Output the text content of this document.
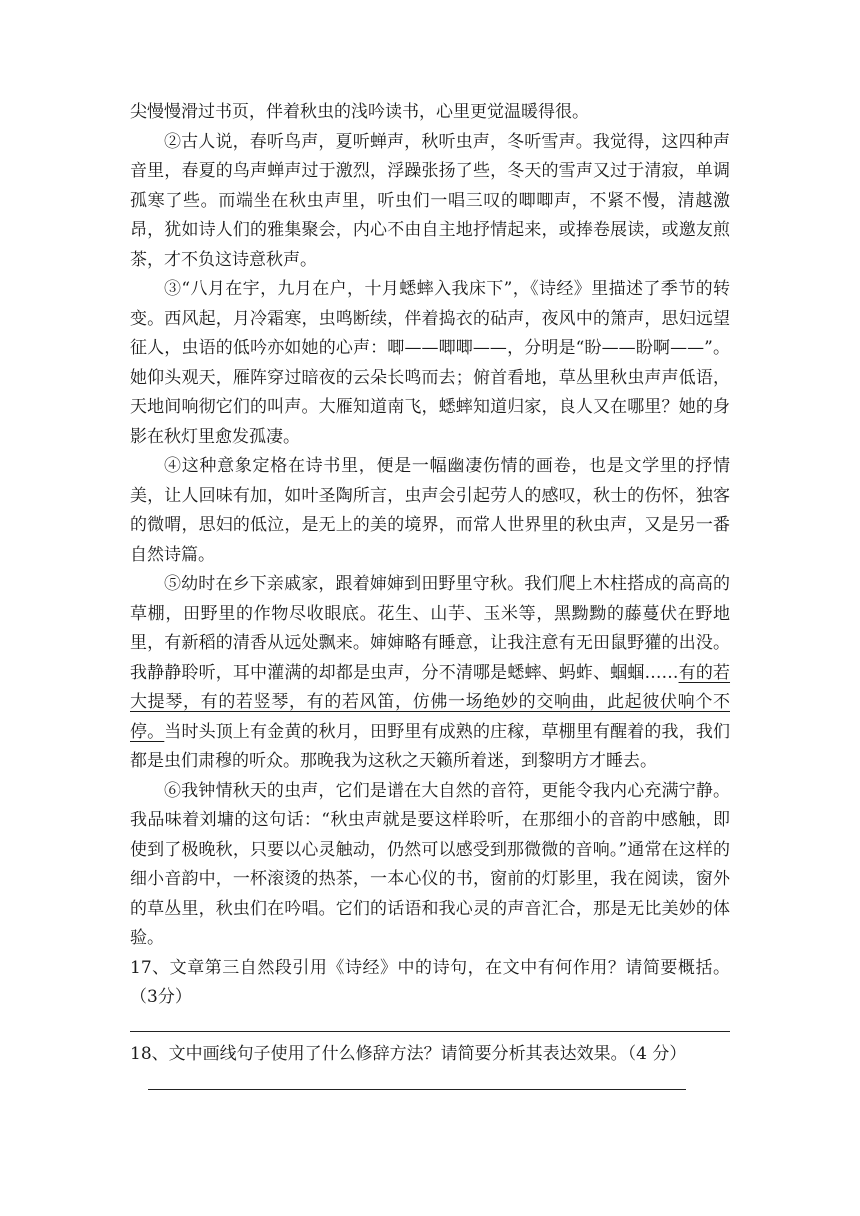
尖慢慢滑过书页，伴着秋虫的浅吟读书，心里更觉温暖得很。

②古人说，春听鸟声，夏听蝉声，秋听虫声，冬听雪声。我觉得，这四种声音里，春夏的鸟声蝉声过于激烈，浮躁张扬了些，冬天的雪声又过于清寂，单调孤寒了些。而端坐在秋虫声里，听虫们一唱三叹的唧唧声，不紧不慢，清越激昂，犹如诗人们的雅集聚会，内心不由自主地抒情起来，或捧卷展读，或邀友煎茶，才不负这诗意秋声。

③“八月在宇，九月在户，十月蟋蟀入我床下”，《诗经》里描述了季节的转变。西风起，月冷霜寒，虫鸣断续，伴着捣衣的砧声，夜风中的箫声，思妇远望征人，虫语的低吟亦如她的心声：唧——唧唧——，分明是“盼——盼啊——”。她仰头观天，雁阵穿过暗夜的云朵长鸣而去；俯首看地，草丛里秋虫声声低语，天地间响彻它们的叫声。大雁知道南飞，蟋蟀知道归家，良人又在哪里？她的身影在秋灯里愈发孤凄。

④这种意象定格在诗书里，便是一幅幽凄伤情的画卷，也是文学里的抒情美，让人回味有加，如叶圣陶所言，虫声会引起劳人的感叹，秋士的伤怀，独客的微喟，思妇的低泣，是无上的美的境界，而常人世界里的秋虫声，又是另一番自然诗篇。

⑤幼时在乡下亲戚家，跟着婶婶到田野里守秋。我们爬上木柱搭成的高高的草棚，田野里的作物尽收眼底。花生、山芋、玉米等，黑黝黝的藤蔓伏在野地里，有新稻的清香从远处飘来。婶婶略有睡意，让我注意有无田鼠野獾的出没。我静静聆听，耳中灌满的却都是虫声，分不清哪是蟋蟀、蚂蚱、蝈蝈……有的若大提琴，有的若竖琴，有的若风笛，仿佛一场绝妙的交响曲，此起彼伏响个不停。当时头顶上有金黄的秋月，田野里有成熟的庄稼，草棚里有醒着的我，我们都是虫们肃穆的听众。那晚我为这秋之天籁所着迷，到黎明方才睡去。

⑥我钟情秋天的虫声，它们是谱在大自然的音符，更能令我内心充满宁静。我品味着刘墉的这句话：“秋虫声就是要这样聆听，在那细小的音韵中感触，即使到了极晚秋，只要以心灵触动，仍然可以感受到那微微的音响。”通常在这样的细小音韵中，一杯滚烫的热茶，一本心仪的书，窗前的灯影里，我在阅读，窗外的草丛里，秋虫们在吟唱。它们的话语和我心灵的声音汇合，那是无比美妙的体验。

17、文章第三自然段引用《诗经》中的诗句，在文中有何作用？请简要概括。（3分）

18、文中画线句子使用了什么修辞方法？请简要分析其表达效果。（4 分）
